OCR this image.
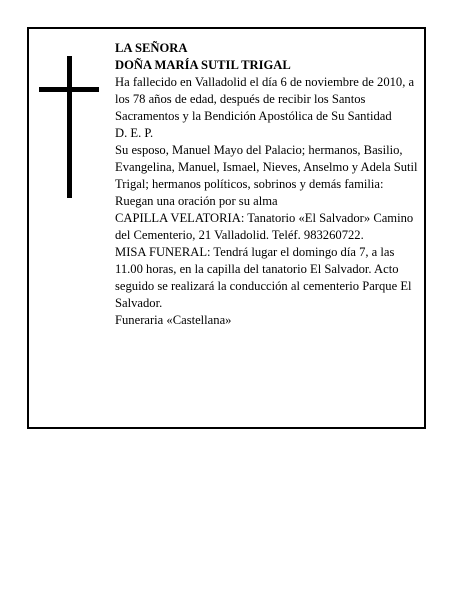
LA SEÑORA

DOÑA MARÍA SUTIL TRIGAL

Ha fallecido en Valladolid el día 6 de noviembre de 2010, a los 78 años de edad, después de recibir los Santos Sacramentos y la Bendición Apostólica de Su Santidad

D. E. P.

Su esposo, Manuel Mayo del Palacio; hermanos, Basilio, Evangelina, Manuel, Ismael, Nieves, Anselmo y Adela Sutil Trigal; hermanos políticos, sobrinos y demás familia:

Ruegan una oración por su alma

CAPILLA VELATORIA: Tanatorio «El Salvador» Camino del Cementerio, 21 Valladolid. Teléf. 983260722.

MISA FUNERAL: Tendrá lugar el domingo día 7, a las 11.00 horas, en la capilla del tanatorio El Salvador. Acto seguido se realizará la conducción al cementerio Parque El Salvador.

Funeraria «Castellana»
